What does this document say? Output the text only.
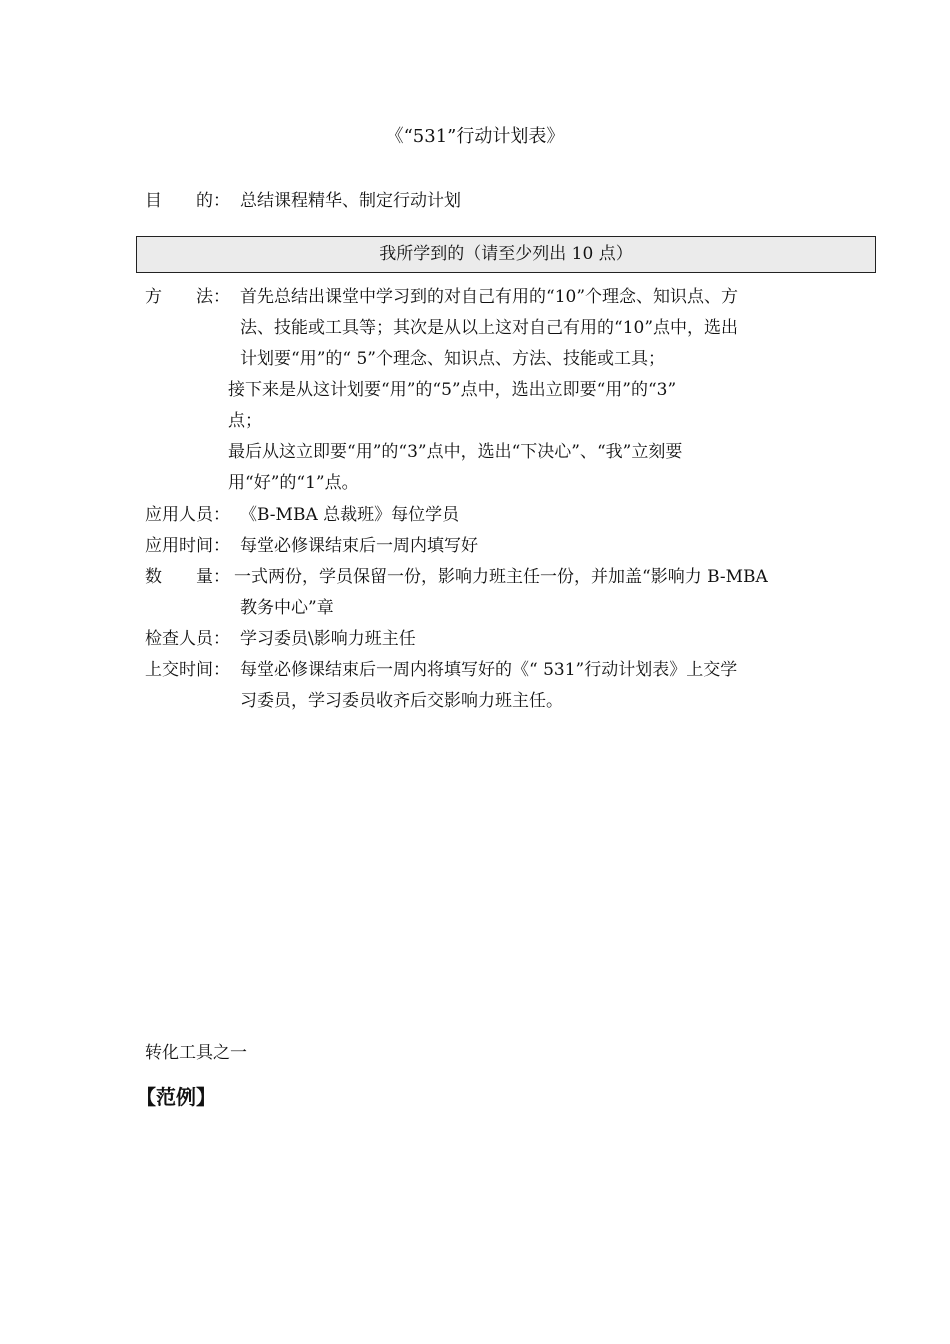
《“531”行动计划表》
目　　的： 总结课程精华、制定行动计划
我所学到的（请至少列出 10 点）
方　　法： 首先总结出课堂中学习到的对自己有用的“10”个理念、知识点、方
法、技能或工具等；其次是从以上这对自己有用的“10”点中，选出
计划要“用”的“ 5”个理念、知识点、方法、技能或工具；
接下来是从这计划要“用”的“5”点中，选出立即要“用”的“3”
点；
最后从这立即要“用”的“3”点中，选出“下决心”、“我”立刻要
用“好”的“1”点。
应用人员： 《B-MBA 总裁班》每位学员
应用时间： 每堂必修课结束后一周内填写好
数　　量： 一式两份，学员保留一份，影响力班主任一份，并加盖“影响力 B-MBA
教务中心”章
检查人员： 学习委员\影响力班主任
上交时间： 每堂必修课结束后一周内将填写好的《“ 531”行动计划表》上交学
习委员，学习委员收齐后交影响力班主任。
转化工具之一
【范例】
